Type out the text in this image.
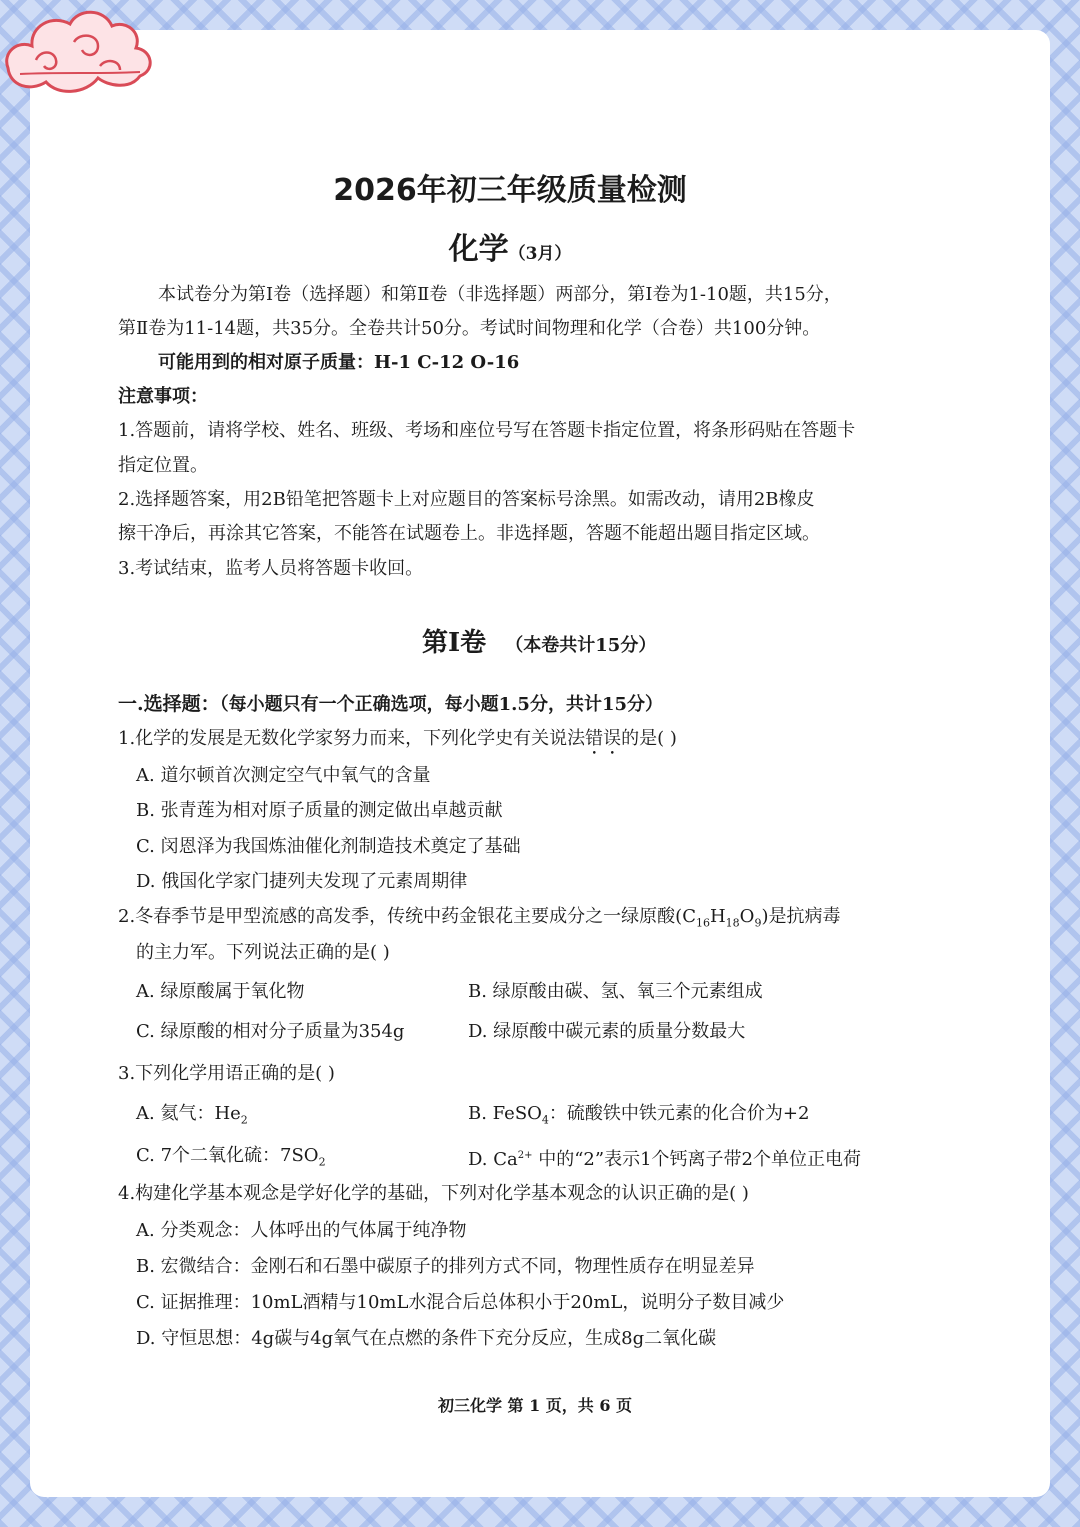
2026年初三年级质量检测
化学（3月）
本试卷分为第Ⅰ卷（选择题）和第Ⅱ卷（非选择题）两部分，第Ⅰ卷为1-10题，共15分，
第Ⅱ卷为11-14题，共35分。全卷共计50分。考试时间物理和化学（合卷）共100分钟。
可能用到的相对原子质量：H-1 C-12 O-16
注意事项：
1.答题前，请将学校、姓名、班级、考场和座位号写在答题卡指定位置，将条形码贴在答题卡
指定位置。
2.选择题答案，用2B铅笔把答题卡上对应题目的答案标号涂黑。如需改动，请用2B橡皮
擦干净后，再涂其它答案，不能答在试题卷上。非选择题，答题不能超出题目指定区域。
3.考试结束，监考人员将答题卡收回。
第Ⅰ卷 （本卷共计15分）
一.选择题：（每小题只有一个正确选项，每小题1.5分，共计15分）
1.化学的发展是无数化学家努力而来，下列化学史有关说法错误的是( )
A. 道尔顿首次测定空气中氧气的含量
B. 张青莲为相对原子质量的测定做出卓越贡献
C. 闵恩泽为我国炼油催化剂制造技术奠定了基础
D. 俄国化学家门捷列夫发现了元素周期律
2.冬春季节是甲型流感的高发季，传统中药金银花主要成分之一绿原酸$(C_{16}H_{18}O_9)$是抗病毒
的主力军。下列说法正确的是( )
A. 绿原酸属于氧化物	B. 绿原酸由碳、氢、氧三个元素组成
C. 绿原酸的相对分子质量为354g	D. 绿原酸中碳元素的质量分数最大
3.下列化学用语正确的是( )
A. 氦气：$He_2$	B. FeSO$_4$：硫酸铁中铁元素的化合价为+2
C. 7个二氧化硫：$7SO_2$	D. $Ca^{2+}$ 中的“2”表示1个钙离子带2个单位正电荷
4.构建化学基本观念是学好化学的基础，下列对化学基本观念的认识正确的是( )
A. 分类观念：人体呼出的气体属于纯净物
B. 宏微结合：金刚石和石墨中碳原子的排列方式不同，物理性质存在明显差异
C. 证据推理：10mL酒精与10mL水混合后总体积小于20mL，说明分子数目减少
D. 守恒思想：4g碳与4g氧气在点燃的条件下充分反应，生成8g二氧化碳
初三化学 第 1 页，共 6 页
